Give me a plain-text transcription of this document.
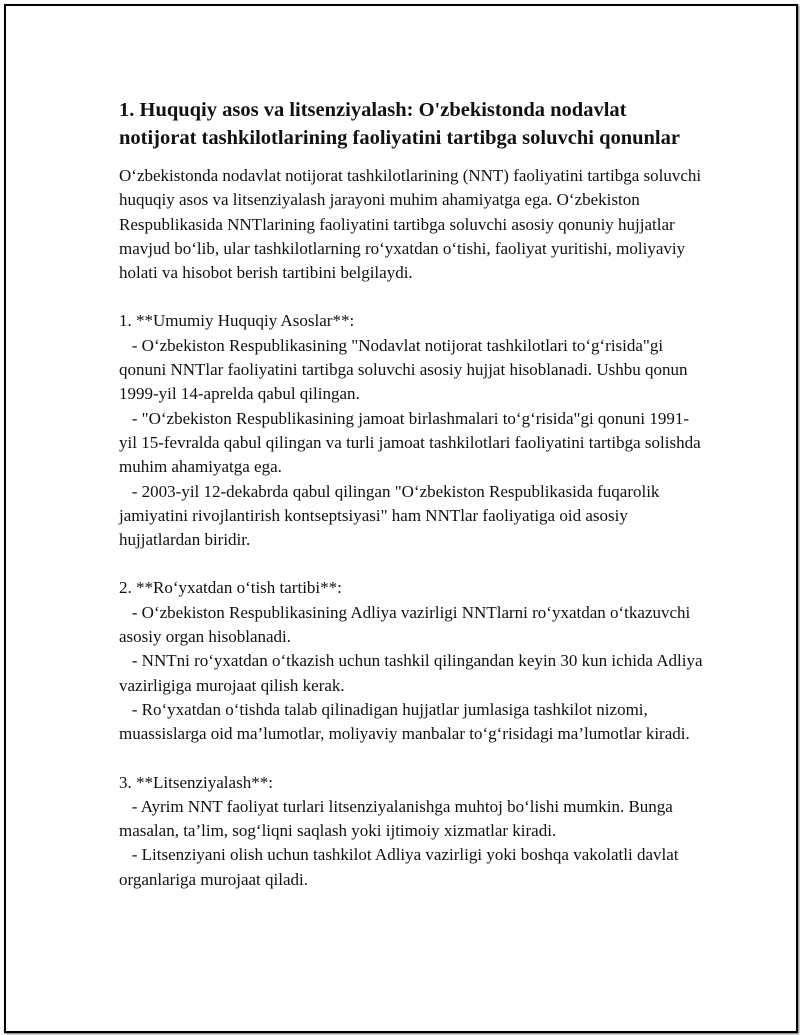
1. Huquqiy asos va litsenziyalash: O'zbekistonda nodavlat notijorat tashkilotlarining faoliyatini tartibga soluvchi qonunlar

O‘zbekistonda nodavlat notijorat tashkilotlarining (NNT) faoliyatini tartibga soluvchi huquqiy asos va litsenziyalash jarayoni muhim ahamiyatga ega. O‘zbekiston Respublikasida NNTlarining faoliyatini tartibga soluvchi asosiy qonuniy hujjatlar mavjud bo‘lib, ular tashkilotlarning ro‘yxatdan o‘tishi, faoliyat yuritishi, moliyaviy holati va hisobot berish tartibini belgilaydi.

1. **Umumiy Huquqiy Asoslar**:

- O‘zbekiston Respublikasining "Nodavlat notijorat tashkilotlari to‘g‘risida"gi qonuni NNTlar faoliyatini tartibga soluvchi asosiy hujjat hisoblanadi. Ushbu qonun 1999-yil 14-aprelda qabul qilingan.

- "O‘zbekiston Respublikasining jamoat birlashmalari to‘g‘risida"gi qonuni 1991-yil 15-fevralda qabul qilingan va turli jamoat tashkilotlari faoliyatini tartibga solishda muhim ahamiyatga ega.

- 2003-yil 12-dekabrda qabul qilingan "O‘zbekiston Respublikasida fuqarolik jamiyatini rivojlantirish kontseptsiyasi" ham NNTlar faoliyatiga oid asosiy hujjatlardan biridir.

2. **Ro‘yxatdan o‘tish tartibi**:

- O‘zbekiston Respublikasining Adliya vazirligi NNTlarni ro‘yxatdan o‘tkazuvchi asosiy organ hisoblanadi.

- NNTni ro‘yxatdan o‘tkazish uchun tashkil qilingandan keyin 30 kun ichida Adliya vazirligiga murojaat qilish kerak.

- Ro‘yxatdan o‘tishda talab qilinadigan hujjatlar jumlasiga tashkilot nizomi, muassislarga oid ma’lumotlar, moliyaviy manbalar to‘g‘risidagi ma’lumotlar kiradi.

3. **Litsenziyalash**:

- Ayrim NNT faoliyat turlari litsenziyalanishga muhtoj bo‘lishi mumkin. Bunga masalan, ta’lim, sog‘liqni saqlash yoki ijtimoiy xizmatlar kiradi.

- Litsenziyani olish uchun tashkilot Adliya vazirligi yoki boshqa vakolatli davlat organlariga murojaat qiladi.
